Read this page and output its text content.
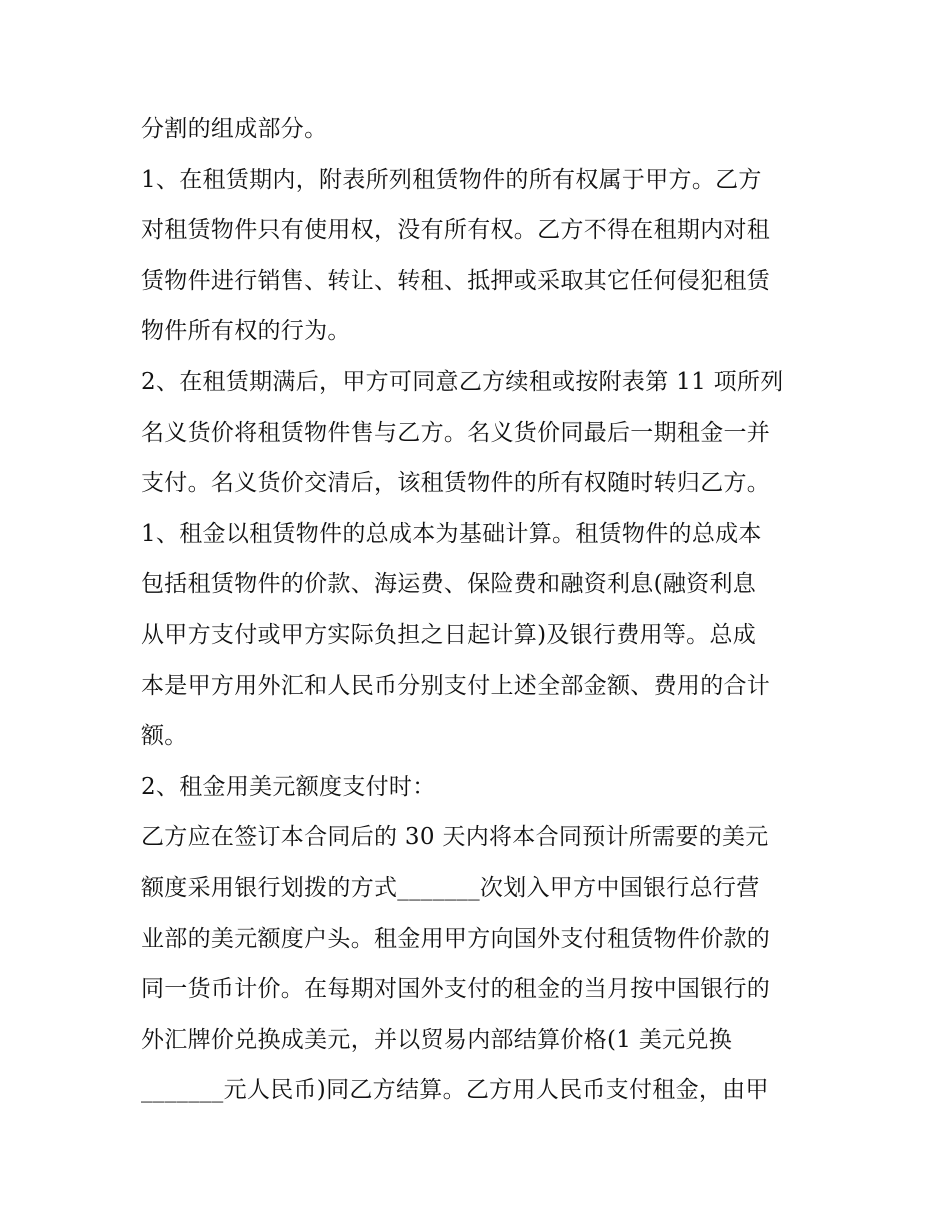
分割的组成部分。
1、在租赁期内，附表所列租赁物件的所有权属于甲方。乙方
对租赁物件只有使用权，没有所有权。乙方不得在租期内对租
赁物件进行销售、转让、转租、抵押或采取其它任何侵犯租赁
物件所有权的行为。
2、在租赁期满后，甲方可同意乙方续租或按附表第 11 项所列
名义货价将租赁物件售与乙方。名义货价同最后一期租金一并
支付。名义货价交清后，该租赁物件的所有权随时转归乙方。
1、租金以租赁物件的总成本为基础计算。租赁物件的总成本
包括租赁物件的价款、海运费、保险费和融资利息(融资利息
从甲方支付或甲方实际负担之日起计算)及银行费用等。总成
本是甲方用外汇和人民币分别支付上述全部金额、费用的合计
额。
2、租金用美元额度支付时：
乙方应在签订本合同后的 30 天内将本合同预计所需要的美元
额度采用银行划拨的方式_______次划入甲方中国银行总行营
业部的美元额度户头。租金用甲方向国外支付租赁物件价款的
同一货币计价。在每期对国外支付的租金的当月按中国银行的
外汇牌价兑换成美元，并以贸易内部结算价格(1 美元兑换
_______元人民币)同乙方结算。乙方用人民币支付租金，由甲
